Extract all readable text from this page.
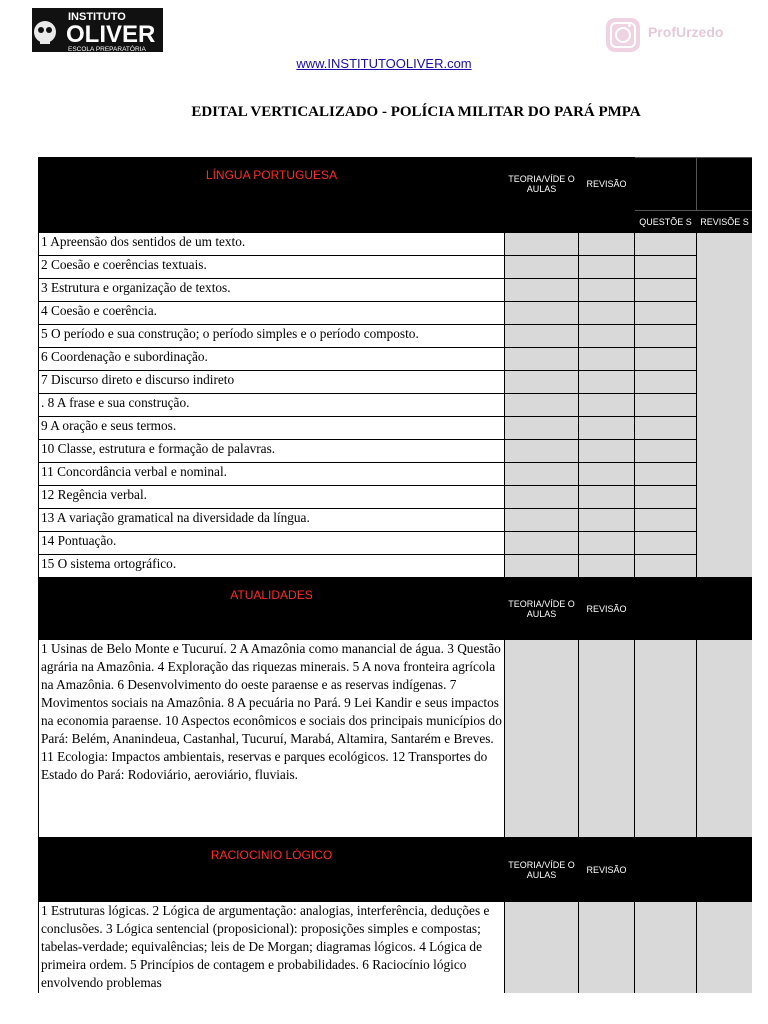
INSTITUTO
OLIVER
ESCOLA PREPARATÓRIA
ProfUrzedo
www.INSTITUTOOLIVER.com
EDITAL VERTICALIZADO - POLÍCIA MILITAR DO PARÁ PMPA
LÍNGUA PORTUGUESA	TEORIA/VÍDE O AULAS	REVISÃO		
			QUESTÕE S	REVISÕE S
1 Apreensão dos sentidos de um texto.				
2 Coesão e coerências textuais.				
3 Estrutura e organização de textos.				
4 Coesão e coerência.				
5 O período e sua construção; o período simples e o período composto.				
6 Coordenação e subordinação.				
7 Discurso direto e discurso indireto				
. 8 A frase e sua construção.				
9 A oração e seus termos.				
10 Classe, estrutura e formação de palavras.				
11 Concordância verbal e nominal.				
12 Regência verbal.				
13 A variação gramatical na diversidade da língua.				
14 Pontuação.				
15 O sistema ortográfico.				
ATUALIDADES	TEORIA/VÍDE O AULAS	REVISÃO		
1 Usinas de Belo Monte e Tucuruí. 2 A Amazônia como manancial de água. 3 Questão agrária na Amazônia. 4 Exploração das riquezas minerais. 5 A nova fronteira agrícola na Amazônia. 6 Desenvolvimento do oeste paraense e as reservas indígenas. 7 Movimentos sociais na Amazônia. 8 A pecuária no Pará. 9 Lei Kandir e seus impactos na economia paraense. 10 Aspectos econômicos e sociais dos principais municípios do Pará: Belém, Ananindeua, Castanhal, Tucuruí, Marabá, Altamira, Santarém e Breves. 11 Ecologia: Impactos ambientais, reservas e parques ecológicos. 12 Transportes do Estado do Pará: Rodoviário, aeroviário, fluviais.				
RACIOCINIO LÓGICO	TEORIA/VÍDE O AULAS	REVISÃO		
1 Estruturas lógicas. 2 Lógica de argumentação: analogias, interferência, deduções e conclusões. 3 Lógica sentencial (proposicional): proposições simples e compostas; tabelas-verdade; equivalências; leis de De Morgan; diagramas lógicos. 4 Lógica de primeira ordem. 5 Princípios de contagem e probabilidades. 6 Raciocínio lógico envolvendo problemas				
